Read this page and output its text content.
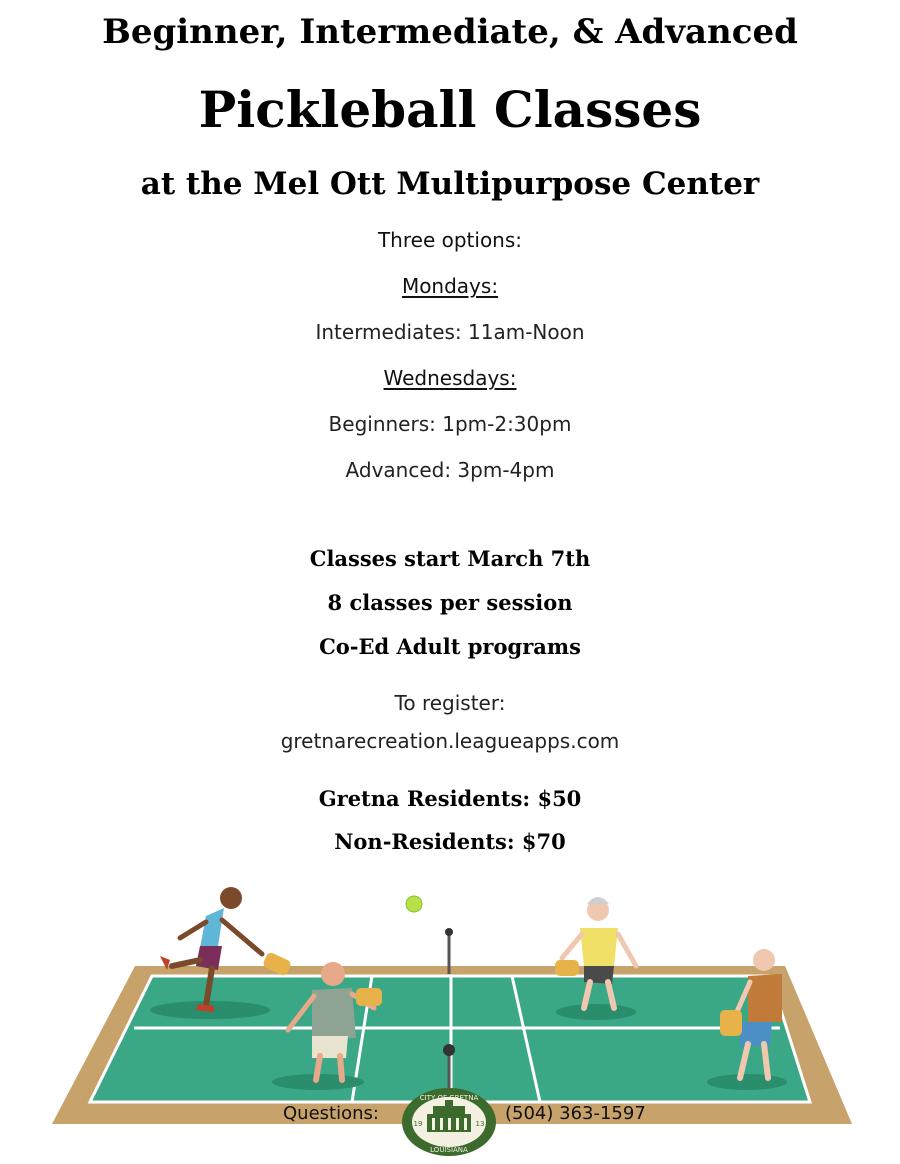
Beginner, Intermediate, & Advanced
Pickleball Classes
at the Mel Ott Multipurpose Center
Three options:
Mondays:
Intermediates: 11am-Noon
Wednesdays:
Beginners: 1pm-2:30pm
Advanced: 3pm-4pm
Classes start March 7th
8 classes per session
Co-Ed Adult programs
To register:
gretnarecreation.leagueapps.com
Gretna Residents: $50
Non-Residents: $70
CITY OF GRETNA
LOUISIANA
19	13
Questions:	(504) 363-1597
